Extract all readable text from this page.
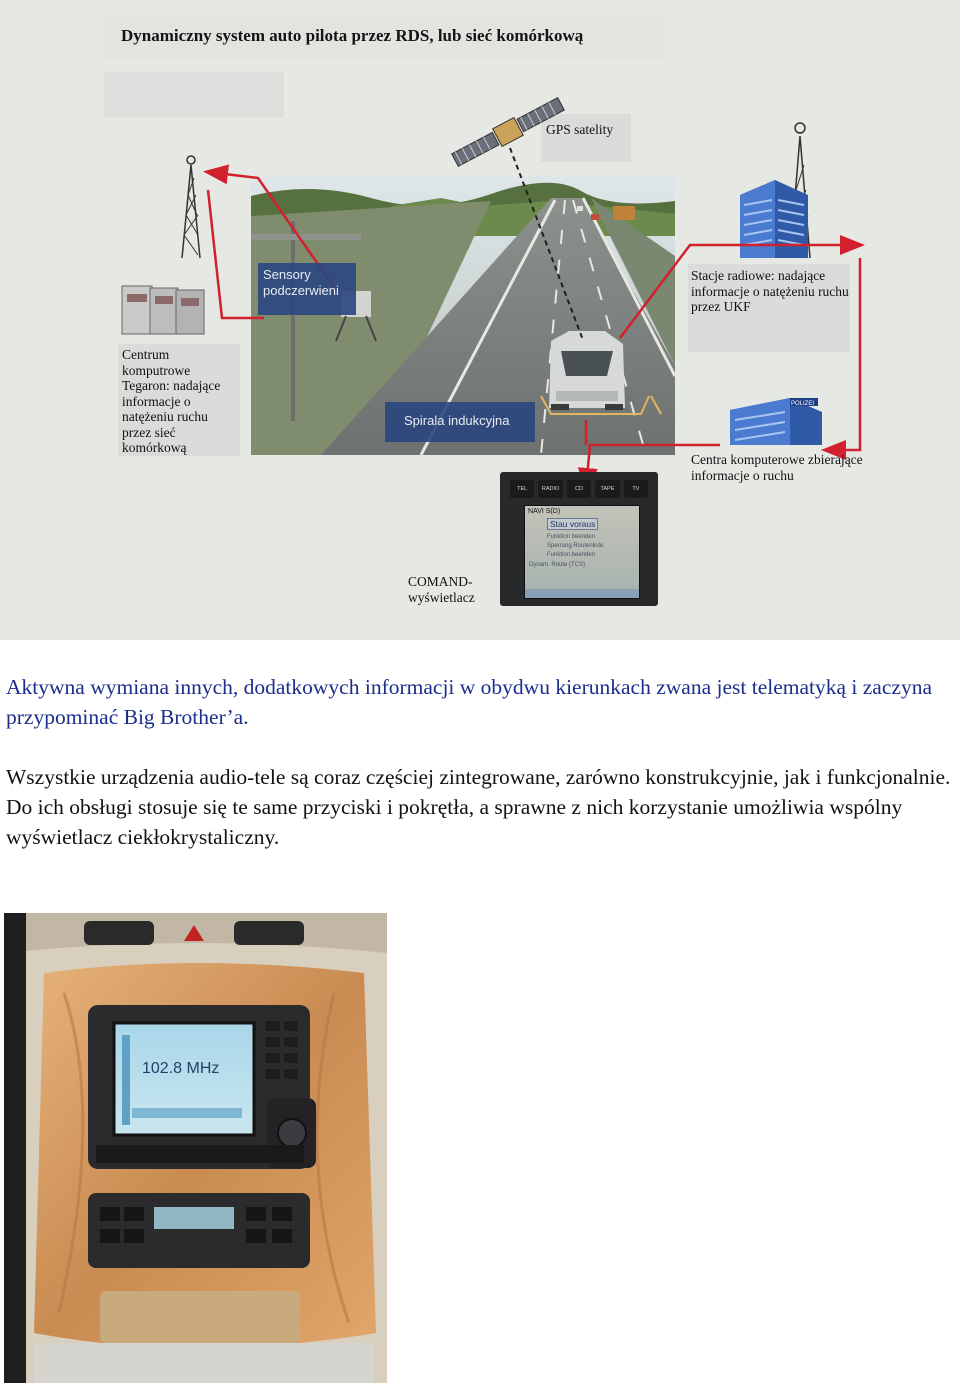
Dynamiczny system auto pilota przez RDS, lub sieć komórkową
POLIZEI
GPS satelity
Sensory podczerwieni
Stacje radiowe: nadające informacje o natężeniu ruchu przez UKF
Centrum komputrowe Tegaron: nadające informacje o natężeniu ruchu przez sieć komórkową
Spirala indukcyjna
Centra komputerowe zbierające informacje o ruchu
COMAND-wyświetlacz
TEL	RADIO	CD	TAPE	TV
NAVI S(D)
Stau voraus
Funktion beenden
Sperrung Routenliste
Funktion beenden
Dynam. Route (TCS)

Aktywna wymiana innych, dodatkowych informacji w obydwu kierunkach zwana jest telematyką i zaczyna przypominać Big Brother’a.

Wszystkie urządzenia audio-tele są coraz częściej zintegrowane, zarówno konstrukcyjnie, jak i funkcjonalnie. Do ich obsługi stosuje się te same przyciski i pokrętła, a sprawne z nich korzystanie umożliwia wspólny wyświetlacz ciekłokrystaliczny.

102.8 MHz
